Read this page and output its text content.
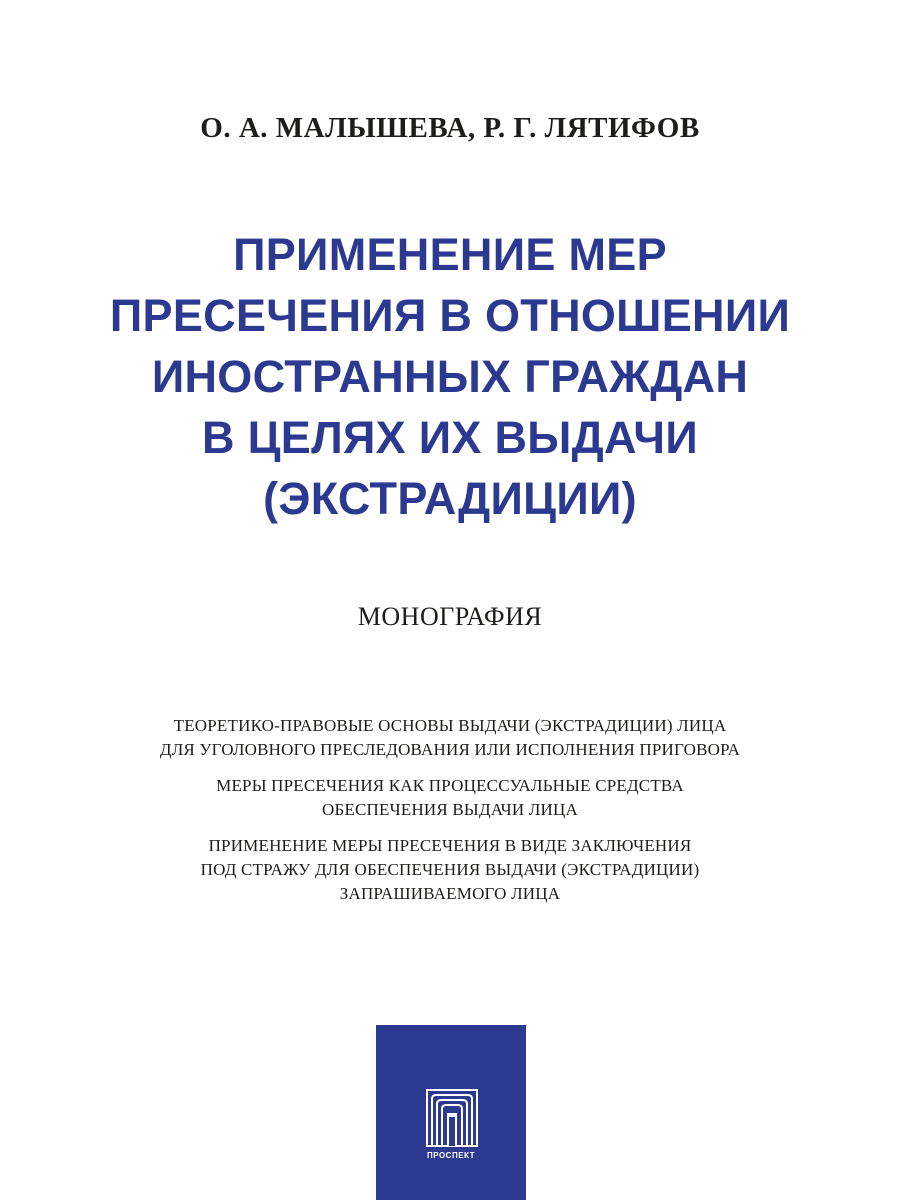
О. А. МАЛЫШЕВА, Р. Г. ЛЯТИФОВ
ПРИМЕНЕНИЕ МЕР
ПРЕСЕЧЕНИЯ В ОТНОШЕНИИ
ИНОСТРАННЫХ ГРАЖДАН
В ЦЕЛЯХ ИХ ВЫДАЧИ
(ЭКСТРАДИЦИИ)
МОНОГРАФИЯ
ТЕОРЕТИКО-ПРАВОВЫЕ ОСНОВЫ ВЫДАЧИ (ЭКСТРАДИЦИИ) ЛИЦА
ДЛЯ УГОЛОВНОГО ПРЕСЛЕДОВАНИЯ ИЛИ ИСПОЛНЕНИЯ ПРИГОВОРА
МЕРЫ ПРЕСЕЧЕНИЯ КАК ПРОЦЕССУАЛЬНЫЕ СРЕДСТВА
ОБЕСПЕЧЕНИЯ ВЫДАЧИ ЛИЦА
ПРИМЕНЕНИЕ МЕРЫ ПРЕСЕЧЕНИЯ В ВИДЕ ЗАКЛЮЧЕНИЯ
ПОД СТРАЖУ ДЛЯ ОБЕСПЕЧЕНИЯ ВЫДАЧИ (ЭКСТРАДИЦИИ)
ЗАПРАШИВАЕМОГО ЛИЦА
ПРОСПЕКТ
